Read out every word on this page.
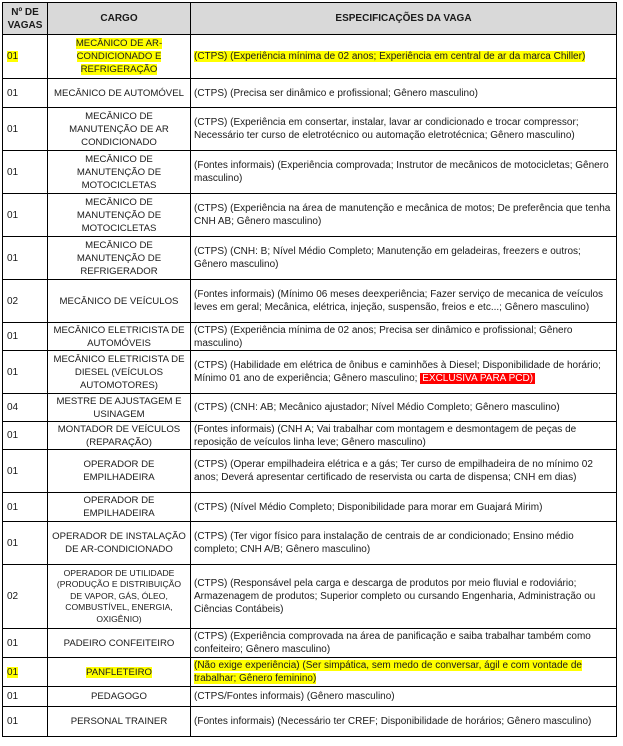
Nº DE VAGAS	CARGO	ESPECIFICAÇÕES DA VAGA
01	MECÂNICO DE AR-CONDICIONADO E REFRIGERAÇÃO	(CTPS) (Experiência mínima de 02 anos; Experiência em central de ar da marca Chiller)
01	MECÂNICO DE AUTOMÓVEL	(CTPS) (Precisa ser dinâmico e profissional; Gênero masculino)
01	MECÂNICO DE MANUTENÇÃO DE AR CONDICIONADO	(CTPS) (Experiência em consertar, instalar, lavar ar condicionado e trocar compressor; Necessário ter curso de eletrotécnico ou automação eletrotécnica; Gênero masculino)
01	MECÂNICO DE MANUTENÇÃO DE MOTOCICLETAS	(Fontes informais) (Experiência comprovada; Instrutor de mecânicos de motocicletas; Gênero masculino)
01	MECÂNICO DE MANUTENÇÃO DE MOTOCICLETAS	(CTPS) (Experiência na área de manutenção e mecânica de motos; De preferência que tenha CNH AB; Gênero masculino)
01	MECÂNICO DE MANUTENÇÃO DE REFRIGERADOR	(CTPS) (CNH: B; Nível Médio Completo; Manutenção em geladeiras, freezers e outros; Gênero masculino)
02	MECÂNICO DE VEÍCULOS	(Fontes informais) (Mínimo 06 meses deexperiência; Fazer serviço de mecanica de veículos leves em geral; Mecânica, elétrica, injeção, suspensão, freios e etc...; Gênero masculino)
01	MECÂNICO ELETRICISTA DE AUTOMÓVEIS	(CTPS) (Experiência mínima de 02 anos; Precisa ser dinâmico e profissional; Gênero masculino)
01	MECÂNICO ELETRICISTA DE DIESEL (VEÍCULOS AUTOMOTORES)	(CTPS) (Habilidade em elétrica de ônibus e caminhões à Diesel; Disponibilidade de horário; Mínimo 01 ano de experiência; Gênero masculino; EXCLUSIVA PARA PCD)
04	MESTRE DE AJUSTAGEM E USINAGEM	(CTPS) (CNH: AB; Mecânico ajustador; Nível Médio Completo; Gênero masculino)
01	MONTADOR DE VEÍCULOS (REPARAÇÃO)	(Fontes informais) (CNH A; Vai trabalhar com montagem e desmontagem de peças de reposição de veículos linha leve; Gênero masculino)
01	OPERADOR DE EMPILHADEIRA	(CTPS) (Operar empilhadeira elétrica e a gás; Ter curso de empilhadeira de no mínimo 02 anos; Deverá apresentar certificado de reservista ou carta de dispensa; CNH em dias)
01	OPERADOR DE EMPILHADEIRA	(CTPS) (Nível Médio Completo; Disponibilidade para morar em Guajará Mirim)
01	OPERADOR DE INSTALAÇÃO DE AR-CONDICIONADO	(CTPS) (Ter vigor físico para instalação de centrais de ar condicionado; Ensino médio completo; CNH A/B; Gênero masculino)
02	OPERADOR DE UTILIDADE (PRODUÇÃO E DISTRIBUIÇÃO DE VAPOR, GÁS, ÓLEO, COMBUSTÍVEL, ENERGIA, OXIGÊNIO)	(CTPS) (Responsável pela carga e descarga de produtos por meio fluvial e rodoviário; Armazenagem de produtos; Superior completo ou cursando Engenharia, Administração ou Ciências Contábeis)
01	PADEIRO CONFEITEIRO	(CTPS) (Experiência comprovada na área de panificação e saiba trabalhar também como confeiteiro; Gênero masculino)
01	PANFLETEIRO	(Não exige experiência) (Ser simpática, sem medo de conversar, ágil e com vontade de trabalhar; Gênero feminino)
01	PEDAGOGO	(CTPS/Fontes informais) (Gênero masculino)
01	PERSONAL TRAINER	(Fontes informais) (Necessário ter CREF; Disponibilidade de horários; Gênero masculino)
